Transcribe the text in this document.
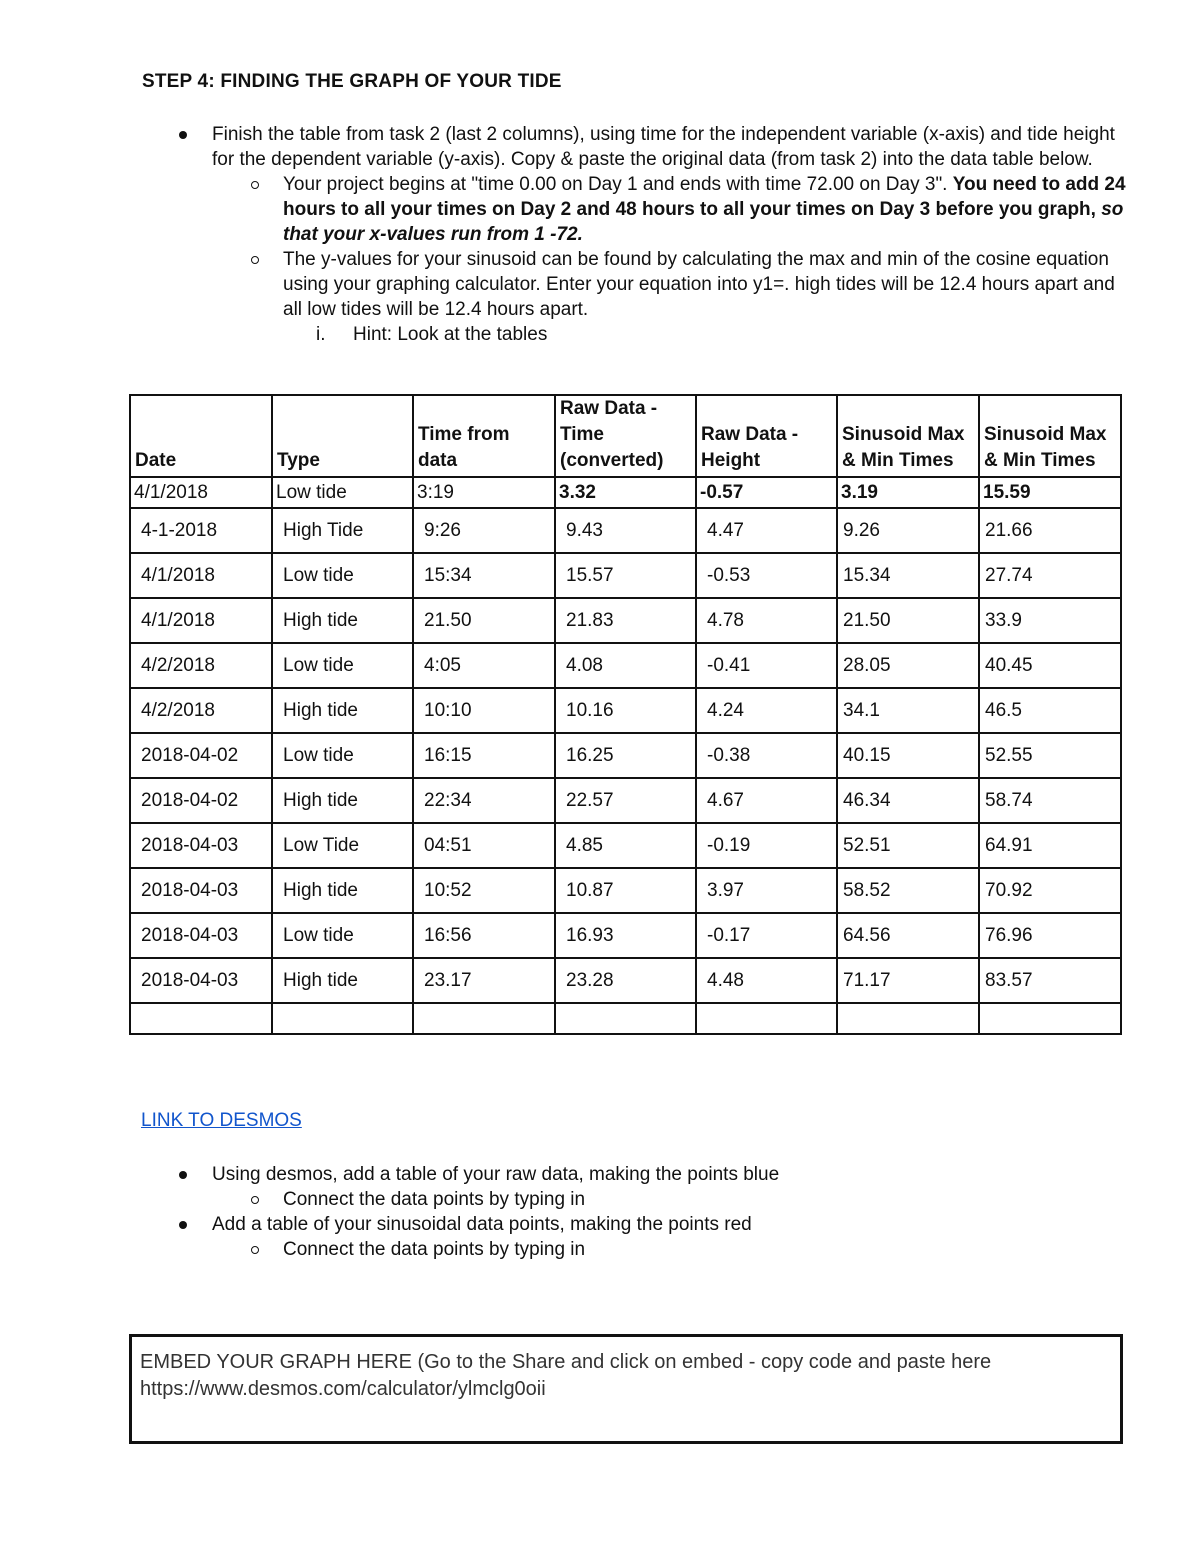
STEP 4: FINDING THE GRAPH OF YOUR TIDE
Finish the table from task 2 (last 2 columns), using time for the independent variable (x-axis) and tide height for the dependent variable (y-axis). Copy & paste the original data (from task 2) into the data table below.
Your project begins at "time 0.00 on Day 1 and ends with time 72.00 on Day 3". You need to add 24 hours to all your times on Day 2 and 48 hours to all your times on Day 3 before you graph, so that your x-values run from 1 -72.
The y-values for your sinusoid can be found by calculating the max and min of the cosine equation using your graphing calculator. Enter your equation into y1=. high tides will be 12.4 hours apart and all low tides will be 12.4 hours apart.
i. Hint: Look at the tables
Date	Type	Time from data	Raw Data - Time (converted)	Raw Data - Height	Sinusoid Max & Min Times	Sinusoid Max & Min Times
4/1/2018	Low tide	3:19	3.32	-0.57	3.19	15.59
4-1-2018	High Tide	9:26	9.43	4.47	9.26	21.66
4/1/2018	Low tide	15:34	15.57	-0.53	15.34	27.74
4/1/2018	High tide	21.50	21.83	4.78	21.50	33.9
4/2/2018	Low tide	4:05	4.08	-0.41	28.05	40.45
4/2/2018	High tide	10:10	10.16	4.24	34.1	46.5
2018-04-02	Low tide	16:15	16.25	-0.38	40.15	52.55
2018-04-02	High tide	22:34	22.57	4.67	46.34	58.74
2018-04-03	Low Tide	04:51	4.85	-0.19	52.51	64.91
2018-04-03	High tide	10:52	10.87	3.97	58.52	70.92
2018-04-03	Low tide	16:56	16.93	-0.17	64.56	76.96
2018-04-03	High tide	23.17	23.28	4.48	71.17	83.57

LINK TO DESMOS
Using desmos, add a table of your raw data, making the points blue
Connect the data points by typing in
Add a table of your sinusoidal data points, making the points red
Connect the data points by typing in
EMBED YOUR GRAPH HERE (Go to the Share and click on embed - copy code and paste here
https://www.desmos.com/calculator/ylmclg0oii
